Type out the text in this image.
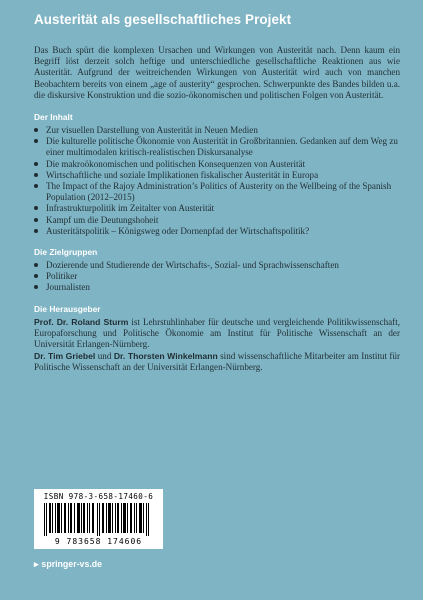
Austerität als gesellschaftliches Projekt

Das Buch spürt die komplexen Ursachen und Wirkungen von Austerität nach. Denn kaum ein Begriff löst derzeit solch heftige und unterschiedliche gesellschaftliche Reaktionen aus wie Austerität. Aufgrund der weitreichenden Wirkungen von Austerität wird auch von manchen Beobachtern bereits von einem „age of austerity“ gesprochen. Schwerpunkte des Bandes bilden u.a. die diskursive Konstruktion und die sozio-ökonomischen und politischen Folgen von Austerität.

Der Inhalt
Zur visuellen Darstellung von Austerität in Neuen Medien
Die kulturelle politische Ökonomie von Austerität in Großbritannien. Gedanken auf dem Weg zu einer multimodalen kritisch-realistischen Diskursanalyse
Die makroökonomischen und politischen Konsequenzen von Austerität
Wirtschaftliche und soziale Implikationen fiskalischer Austerität in Europa
The Impact of the Rajoy Administration’s Politics of Austerity on the Wellbeing of the Spanish Population (2012–2015)
Infrastrukturpolitik im Zeitalter von Austerität
Kampf um die Deutungshoheit
Austeritätspolitik – Königsweg oder Dornenpfad der Wirtschaftspolitik?
Die Zielgruppen
Dozierende und Studierende der Wirtschafts-, Sozial- und Sprachwissenschaften
Politiker
Journalisten
Die Herausgeber

Prof. Dr. Roland Sturm ist Lehrstuhlinhaber für deutsche und vergleichende Politikwissenschaft, Europaforschung und Politische Ökonomie am Institut für Politische Wissenschaft an der Universität Erlangen-Nürnberg.

Dr. Tim Griebel und Dr. Thorsten Winkelmann sind wissenschaftliche Mitarbeiter am Institut für Politische Wissenschaft an der Universität Erlangen-Nürnberg.

ISBN 978-3-658-17460-6
9 783658 174606
▸ springer-vs.de
